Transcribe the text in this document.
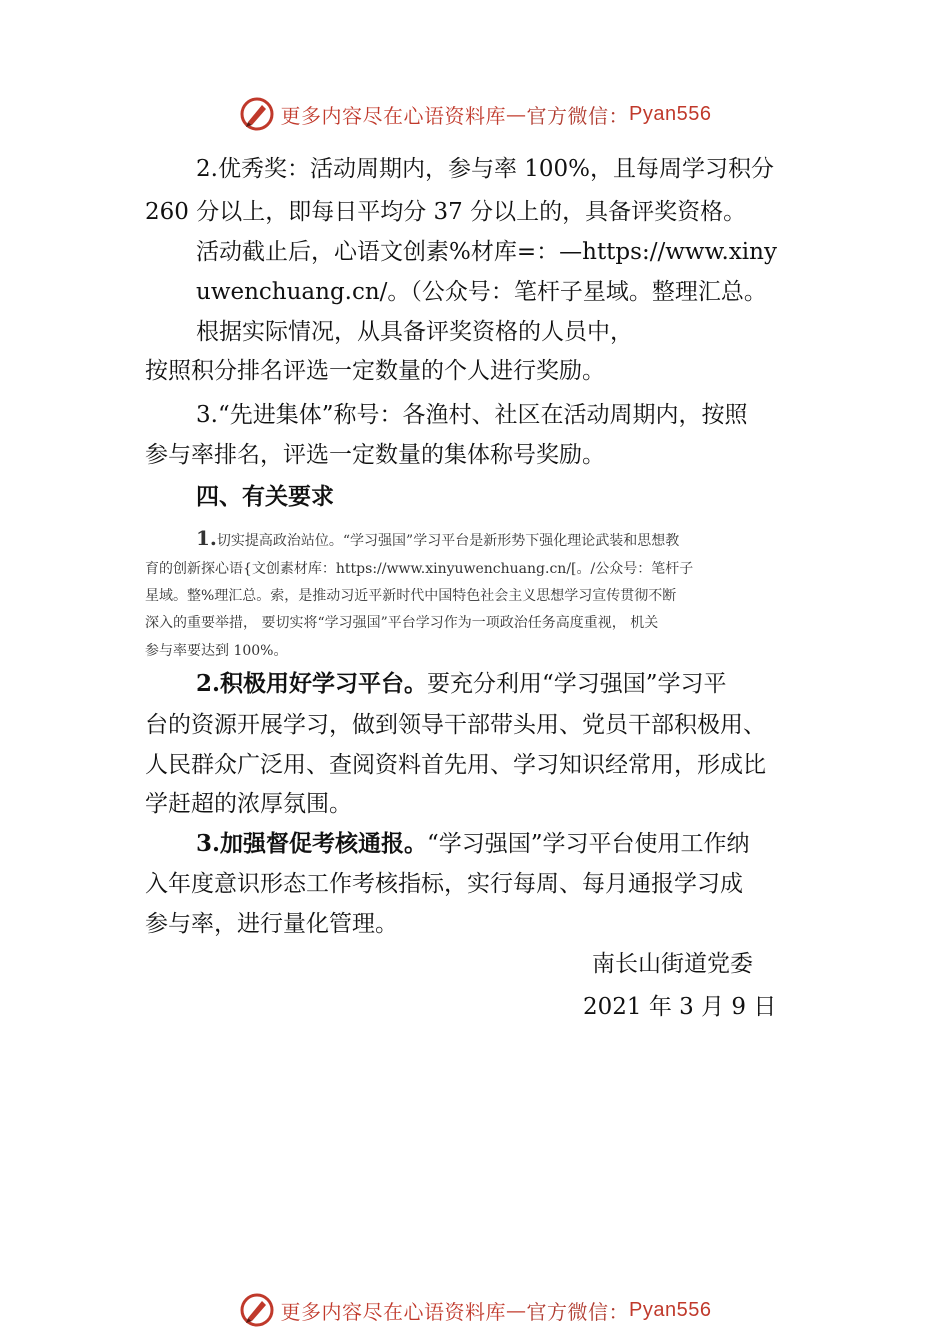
更多内容尽在心语资料库 — 官方微信： Pyan556
2.优秀奖：活动周期内，参与率 100%，且每周学习积分
260 分以上，即每日平均分 37 分以上的，具备评奖资格。
活动截止后，心语文创素%材库=：—https://www.xiny
uwenchuang.cn/。（公众号：笔杆子星域。整理汇总。
根据实际情况，从具备评奖资格的人员中，
按照积分排名评选一定数量的个人进行奖励。
3.“先进集体”称号：各渔村、社区在活动周期内，按照
参与率排名，评选一定数量的集体称号奖励。
四、有关要求
1.切实提高政治站位。“学习强国”学习平台是新形势下强化理论武装和思想教
育的创新探心语{文创素材库：https://www.xinyuwenchuang.cn/[。/公众号：笔杆子
星域。整%理汇总。索，是推动习近平新时代中国特色社会主义思想学习宣传贯彻不断
深入的重要举措， 要切实将“学习强国”平台学习作为一项政治任务高度重视， 机关
参与率要达到 100%。
2.积极用好学习平台。要充分利用“学习强国”学习平
台的资源开展学习，做到领导干部带头用、党员干部积极用、
人民群众广泛用、查阅资料首先用、学习知识经常用，形成比
学赶超的浓厚氛围。
3.加强督促考核通报。“学习强国”学习平台使用工作纳
入年度意识形态工作考核指标，实行每周、每月通报学习成
参与率，进行量化管理。
南长山街道党委
2021 年 3 月 9 日
更多内容尽在心语资料库 — 官方微信： Pyan556
